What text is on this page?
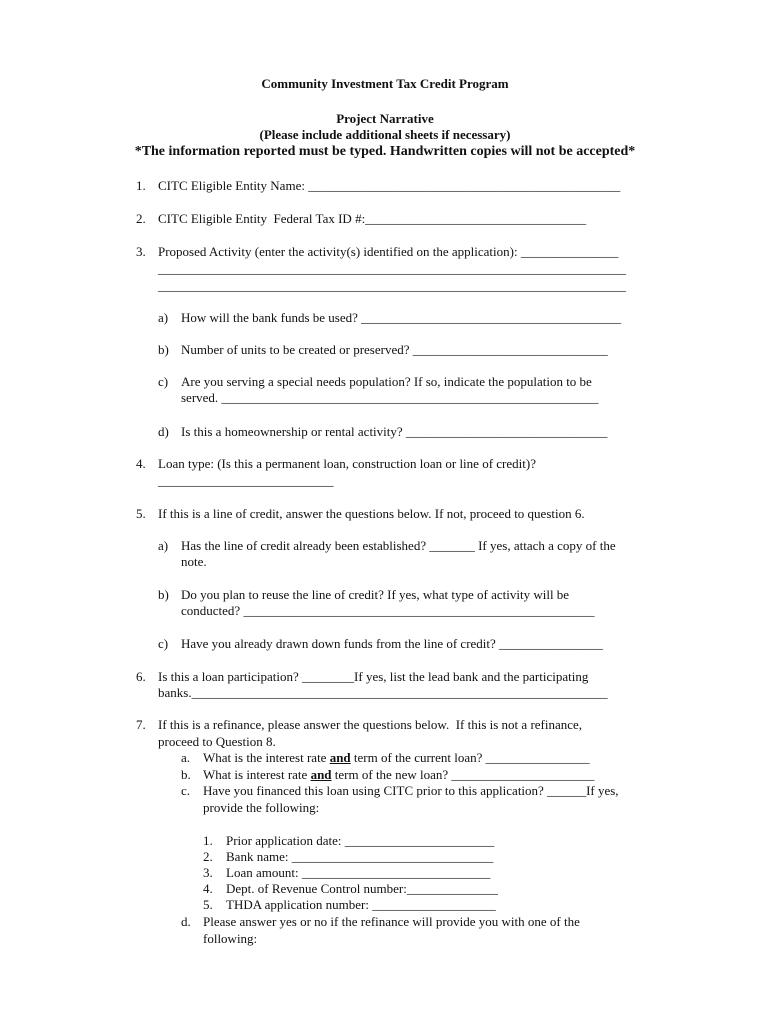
Community Investment Tax Credit Program
Project Narrative
(Please include additional sheets if necessary)
*The information reported must be typed. Handwritten copies will not be accepted*
1. CITC Eligible Entity Name: ________________________________________________
2. CITC Eligible Entity  Federal Tax ID #:__________________________________
3. Proposed Activity (enter the activity(s) identified on the application): _______________
________________________________________________________________________
________________________________________________________________________
a) How will the bank funds be used? ________________________________________
b) Number of units to be created or preserved? ______________________________
c) Are you serving a special needs population? If so, indicate the population to be
served. __________________________________________________________
d) Is this a homeownership or rental activity? _______________________________
4. Loan type: (Is this a permanent loan, construction loan or line of credit)?
___________________________
5. If this is a line of credit, answer the questions below. If not, proceed to question 6.
a) Has the line of credit already been established? _______ If yes, attach a copy of the
note.
b) Do you plan to reuse the line of credit? If yes, what type of activity will be
conducted? ______________________________________________________
c) Have you already drawn down funds from the line of credit? ________________
6. Is this a loan participation? ________If yes, list the lead bank and the participating
banks.________________________________________________________________
7. If this is a refinance, please answer the questions below.  If this is not a refinance,
proceed to Question 8.
a. What is the interest rate and term of the current loan? ________________
b. What is interest rate and term of the new loan? ______________________
c. Have you financed this loan using CITC prior to this application? ______If yes,
provide the following:
1. Prior application date: _______________________
2. Bank name: _______________________________
3. Loan amount: _____________________________
4. Dept. of Revenue Control number:______________
5. THDA application number: ___________________
d. Please answer yes or no if the refinance will provide you with one of the
following:
